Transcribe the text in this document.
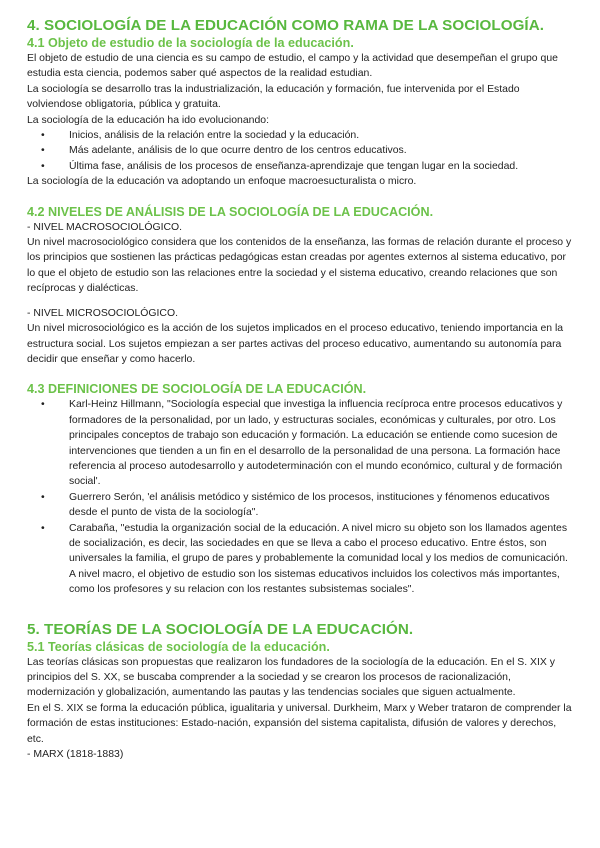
4. SOCIOLOGÍA DE LA EDUCACIÓN COMO RAMA DE LA SOCIOLOGÍA.
4.1 Objeto de estudio de la sociología de la educación.

El objeto de estudio de una ciencia es su campo de estudio, el campo y la actividad que desempeñan el grupo que estudia esta ciencia, podemos saber qué aspectos de la realidad estudian.

La sociología se desarrollo tras la industrialización, la educación y formación, fue intervenida por el Estado volviendose obligatoria, pública y gratuita.

La sociología de la educación ha ido evolucionando:

• Inicios, análisis de la relación entre la sociedad y la educación.
• Más adelante, análisis de lo que ocurre dentro de los centros educativos.
• Última fase, análisis de los procesos de enseñanza-aprendizaje que tengan lugar en la sociedad.

La sociología de la educación va adoptando un enfoque macroesucturalista o micro.

4.2 NIVELES DE ANÁLISIS DE LA SOCIOLOGÍA DE LA EDUCACIÓN.

- NIVEL MACROSOCIOLÓGICO.

Un nivel macrosociológico considera que los contenidos de la enseñanza, las formas de relación durante el proceso y los principios que sostienen las prácticas pedagógicas estan creadas por agentes externos al sistema educativo, por lo que el objeto de estudio son las relaciones entre la sociedad y el sistema educativo, creando relaciones que son recíprocas y dialécticas.

- NIVEL MICROSOCIOLÓGICO.

Un nivel microsociológico es la acción de los sujetos implicados en el proceso educativo, teniendo importancia en la estructura social. Los sujetos empiezan a ser partes activas del proceso educativo, aumentando su autonomía para decidir que enseñar y como hacerlo.

4.3 DEFINICIONES DE SOCIOLOGÍA DE LA EDUCACIÓN.
• Karl-Heinz Hillmann, "Sociología especial que investiga la influencia recíproca entre procesos educativos y formadores de la personalidad, por un lado, y estructuras sociales, económicas y culturales, por otro. Los principales conceptos de trabajo son educación y formación. La educación se entiende como sucesion de intervenciones que tienden a un fin en el desarrollo de la personalidad de una persona. La formación hace referencia al proceso autodesarrollo y autodeterminación con el mundo económico, cultural y de formación social'.
• Guerrero Serón, 'el análisis metódico y sistémico de los procesos, instituciones y fénomenos educativos desde el punto de vista de la sociología".
• Carabaña, "estudia la organización social de la educación. A nivel micro su objeto son los llamados agentes de socialización, es decir, las sociedades en que se lleva a cabo el proceso educativo. Entre éstos, son universales la familia, el grupo de pares y probablemente la comunidad local y los medios de comunicación. A nivel macro, el objetivo de estudio son los sistemas educativos incluidos los colectivos más importantes, como los profesores y su relacion con los restantes subsistemas sociales".
5. TEORÍAS DE LA SOCIOLOGÍA DE LA EDUCACIÓN.
5.1 Teorías clásicas de sociología de la educación.

Las teorías clásicas son propuestas que realizaron los fundadores de la sociología de la educación. En el S. XIX y principios del S. XX, se buscaba comprender a la sociedad y se crearon los procesos de racionalización, modernización y globalización, aumentando las pautas y las tendencias sociales que siguen actualmente.

En el S. XIX se forma la educación pública, igualitaria y universal. Durkheim, Marx y Weber trataron de comprender la formación de estas instituciones: Estado-nación, expansión del sistema capitalista, difusión de valores y derechos, etc.

- MARX (1818-1883)
